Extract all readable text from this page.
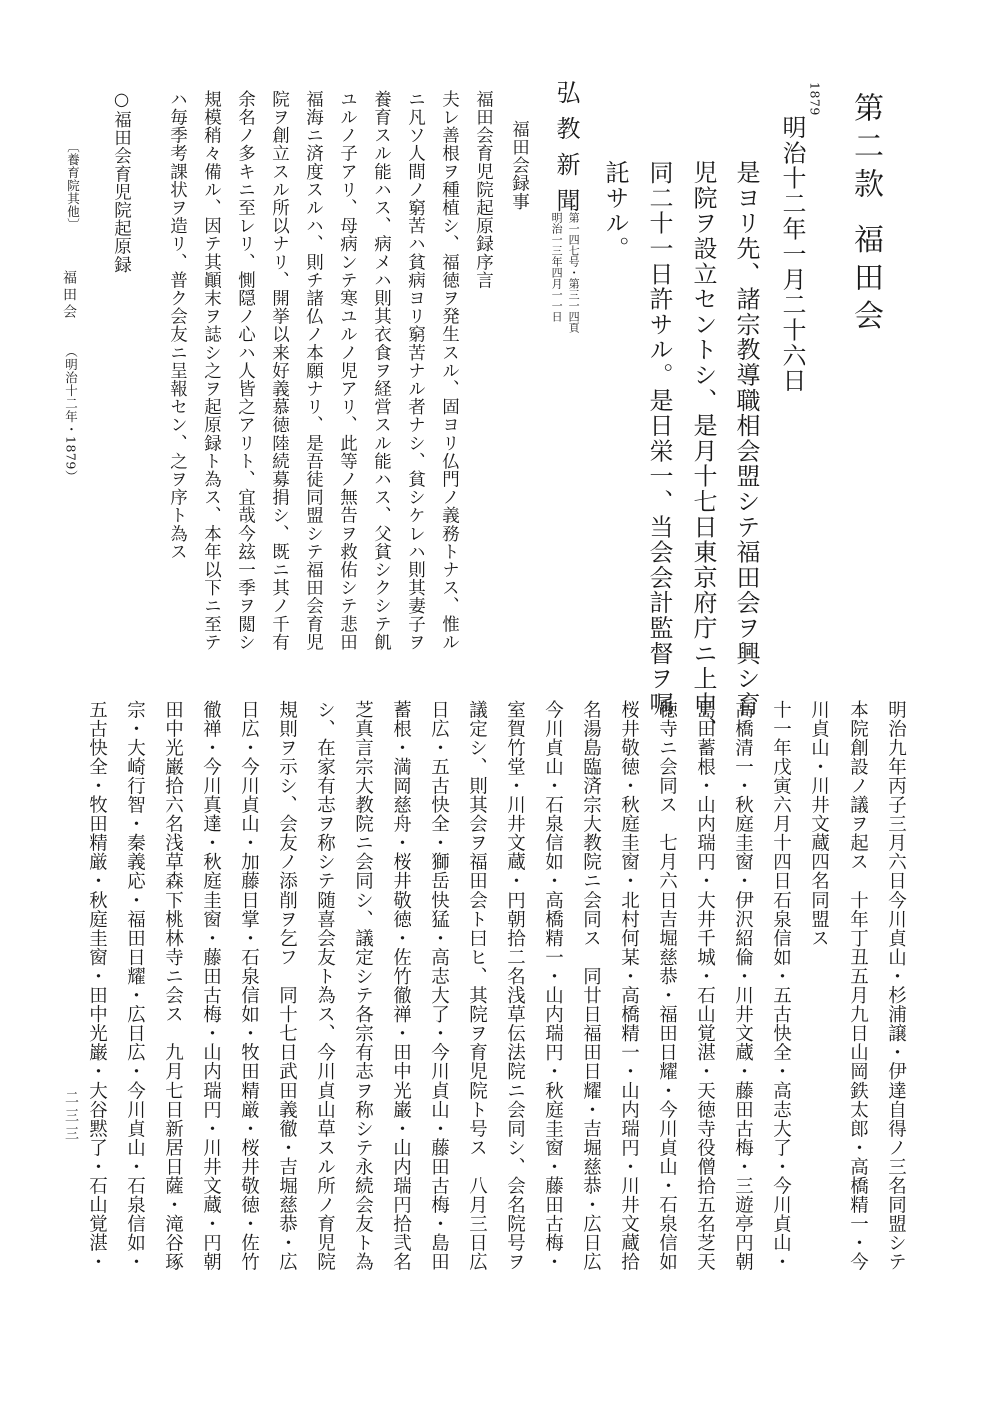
第二款 福田会
1879
明治十二年一月二十六日
是ヨリ先、諸宗教導職相会盟シテ福田会ヲ興シ育
児院ヲ設立セントシ、是月十七日東京府庁ニ上申、
同二十一日許サル。是日栄一、当会会計監督ヲ嘱
託サル。
弘教新聞
第一四七号・第三一四頁
明治一三年四月一一日
福田会録事
福田会育児院起原録序言
夫レ善根ヲ種植シ、福徳ヲ発生スル、固ヨリ仏門ノ義務トナス、惟ル
ニ凡ソ人間ノ窮苦ハ貧病ヨリ窮苦ナル者ナシ、貧シケレハ則其妻子ヲ
養育スル能ハス、病メハ則其衣食ヲ経営スル能ハス、父貧シクシテ飢
ユルノ子アリ、母病ンテ寒ユルノ児アリ、此等ノ無告ヲ救佑シテ悲田
福海ニ済度スルハ、則チ諸仏ノ本願ナリ、是吾徒同盟シテ福田会育児
院ヲ創立スル所以ナリ、開挙以来好義慕徳陸続募捐シ、既ニ其ノ千有
余名ノ多キニ至レリ、惻隠ノ心ハ人皆之アリト、宜哉今玆一季ヲ閲シ
規模稍々備ル、因テ其顚末ヲ誌シ之ヲ起原録ト為ス、本年以下ニ至テ
ハ毎季考課状ヲ造リ、普ク会友ニ呈報セン、之ヲ序ト為ス
○福田会育児院起原録
〔養育院其他〕
福田会
（明治十二年・1879）
明治九年丙子三月六日今川貞山・杉浦譲・伊達自得ノ三名同盟シテ
本院創設ノ議ヲ起ス　十年丁丑五月九日山岡鉄太郎・高橋精一・今
川貞山・川井文蔵四名同盟ス
十一年戊寅六月十四日石泉信如・五古快全・高志大了・今川貞山・
高橋清一・秋庭圭窗・伊沢紹倫・川井文蔵・藤田古梅・三遊亭円朝
島田蓄根・山内瑞円・大井千城・石山覚湛・天徳寺役僧拾五名芝天
徳寺ニ会同ス　七月六日吉堀慈恭・福田日耀・今川貞山・石泉信如
桜井敬徳・秋庭圭窗・北村何某・高橋精一・山内瑞円・川井文蔵拾
名湯島臨済宗大教院ニ会同ス　同廿日福田日耀・吉堀慈恭・広日広
今川貞山・石泉信如・高橋精一・山内瑞円・秋庭圭窗・藤田古梅・
室賀竹堂・川井文蔵・円朝拾二名浅草伝法院ニ会同シ、会名院号ヲ
議定シ、則其会ヲ福田会ト曰ヒ、其院ヲ育児院ト号ス　八月三日広
日広・五古快全・獅岳快猛・高志大了・今川貞山・藤田古梅・島田
蓄根・満岡慈舟・桜井敬徳・佐竹徹禅・田中光巌・山内瑞円拾弐名
芝真言宗大教院ニ会同シ、議定シテ各宗有志ヲ称シテ永続会友ト為
シ、在家有志ヲ称シテ随喜会友ト為ス、今川貞山草スル所ノ育児院
規則ヲ示シ、会友ノ添削ヲ乞フ　同十七日武田義徹・吉堀慈恭・広
日広・今川貞山・加藤日掌・石泉信如・牧田精厳・桜井敬徳・佐竹
徹禅・今川真達・秋庭圭窗・藤田古梅・山内瑞円・川井文蔵・円朝
田中光巌拾六名浅草森下桃林寺ニ会ス　九月七日新居日薩・滝谷琢
宗・大崎行智・秦義応・福田日耀・広日広・今川貞山・石泉信如・
五古快全・牧田精厳・秋庭圭窗・田中光巌・大谷黙了・石山覚湛・
二三三
